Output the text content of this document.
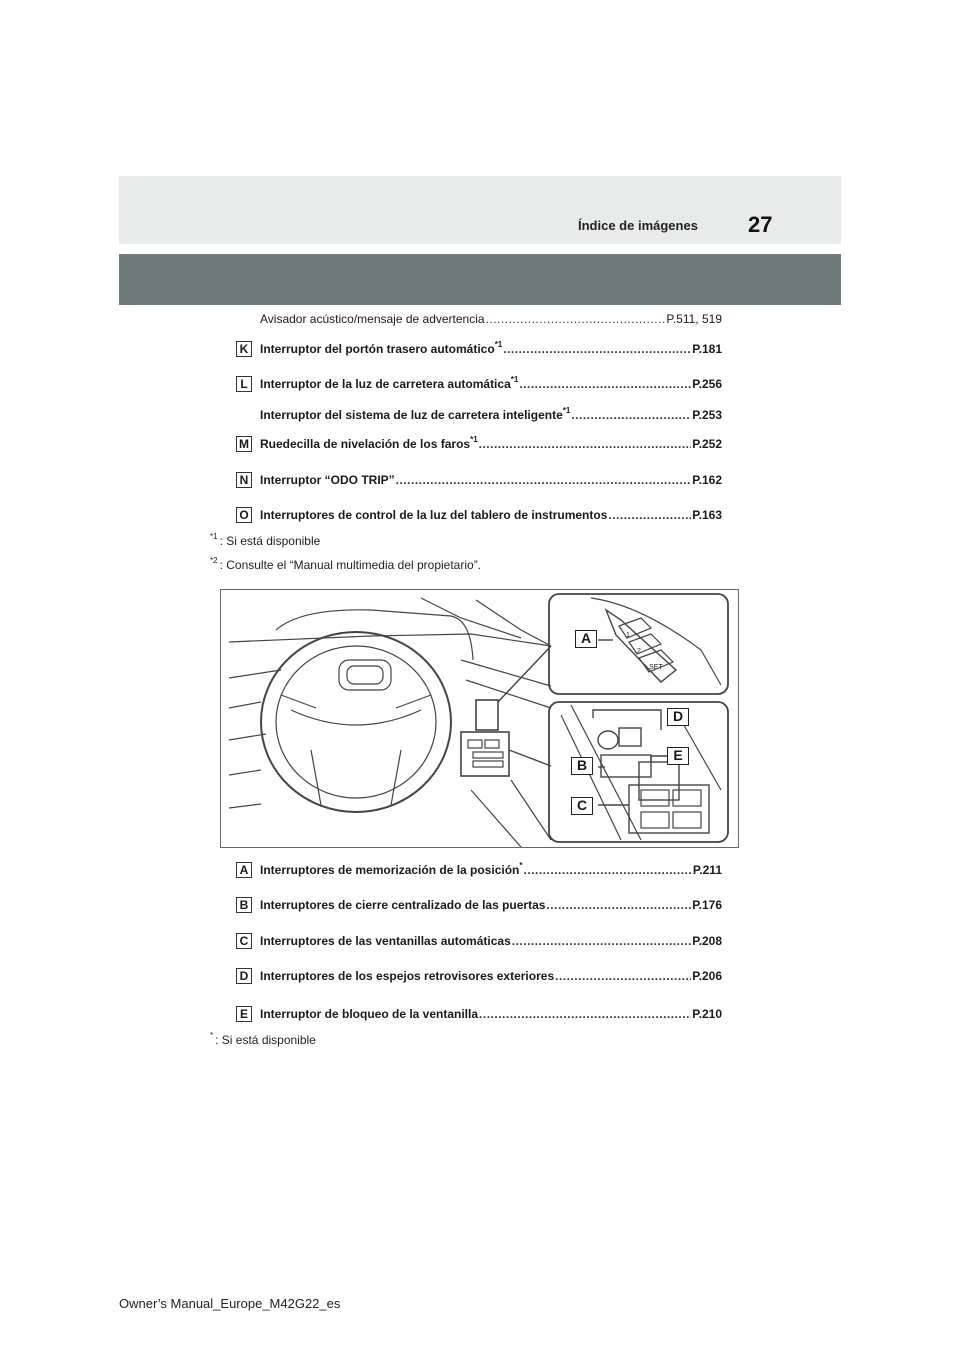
Índice de imágenes 27
Avisador acústico/mensaje de advertencia .....	P.511, 519
K Interruptor del portón trasero automático$^{*1}$ .....	P.181
L	Interruptor de la luz de carretera automática$^{*1}$ .....	P.256
Interruptor del sistema de luz de carretera inteligente$^{*1}$ .....	P.253
M Ruedecilla de nivelación de los faros$^{*1}$ .....	P.252
N Interruptor “ODO TRIP” .....	P.162
O Interruptores de control de la luz del tablero de instrumentos .....	P.163
$^{*1}$ : Si está disponible
$^{*2}$ : Consulte el “Manual multimedia del propietario”.
1
2
SET
A
B
C
D
E
A Interruptores de memorización de la posición* .....	P.211
B Interruptores de cierre centralizado de las puertas .....	P.176
C Interruptores de las ventanillas automáticas .....	P.208
D Interruptores de los espejos retrovisores exteriores .....	P.206
E	Interruptor de bloqueo de la ventanilla .....	P.210
* : Si está disponible
Owner’s Manual_Europe_M42G22_es
